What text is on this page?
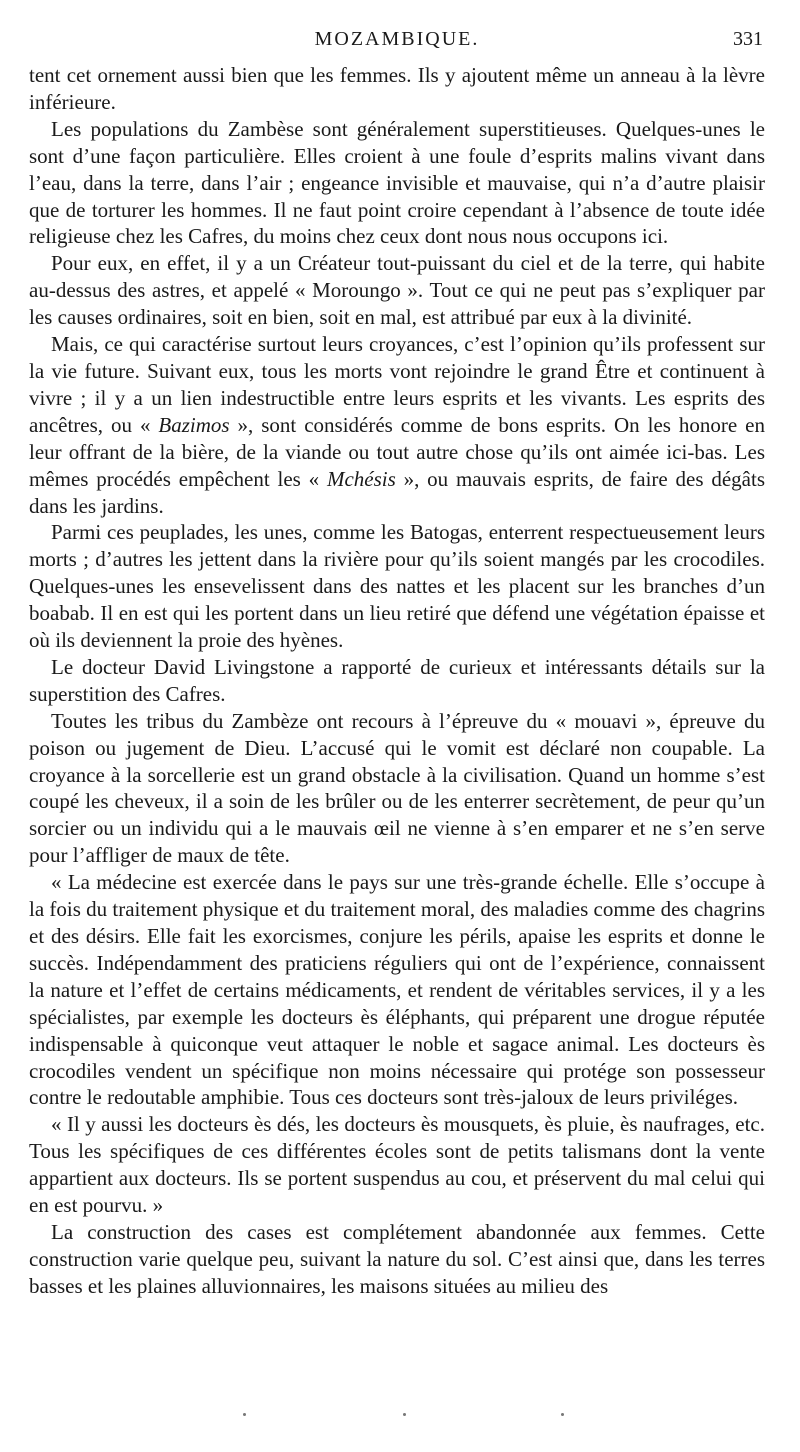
MOZAMBIQUE.	331

tent cet ornement aussi bien que les femmes. Ils y ajoutent même un anneau à la lèvre inférieure.

Les populations du Zambèse sont généralement superstitieuses. Quelques-unes le sont d’une façon particulière. Elles croient à une foule d’esprits malins vivant dans l’eau, dans la terre, dans l’air ; engeance invisible et mauvaise, qui n’a d’autre plaisir que de torturer les hommes. Il ne faut point croire cependant à l’absence de toute idée religieuse chez les Cafres, du moins chez ceux dont nous nous occupons ici.

Pour eux, en effet, il y a un Créateur tout-puissant du ciel et de la terre, qui habite au-dessus des astres, et appelé « Moroungo ». Tout ce qui ne peut pas s’expliquer par les causes ordinaires, soit en bien, soit en mal, est attribué par eux à la divinité.

Mais, ce qui caractérise surtout leurs croyances, c’est l’opinion qu’ils professent sur la vie future. Suivant eux, tous les morts vont rejoindre le grand Être et continuent à vivre ; il y a un lien indestructible entre leurs esprits et les vivants. Les esprits des ancêtres, ou « Bazimos », sont considérés comme de bons esprits. On les honore en leur offrant de la bière, de la viande ou tout autre chose qu’ils ont aimée ici-bas. Les mêmes procédés empêchent les « Mchésis », ou mauvais esprits, de faire des dégâts dans les jardins.

Parmi ces peuplades, les unes, comme les Batogas, enterrent respectueusement leurs morts ; d’autres les jettent dans la rivière pour qu’ils soient mangés par les crocodiles. Quelques-unes les ensevelissent dans des nattes et les placent sur les branches d’un boabab. Il en est qui les portent dans un lieu retiré que défend une végétation épaisse et où ils deviennent la proie des hyènes.

Le docteur David Livingstone a rapporté de curieux et intéressants détails sur la superstition des Cafres.

Toutes les tribus du Zambèze ont recours à l’épreuve du « mouavi », épreuve du poison ou jugement de Dieu. L’accusé qui le vomit est déclaré non coupable. La croyance à la sorcellerie est un grand obstacle à la civilisation. Quand un homme s’est coupé les cheveux, il a soin de les brûler ou de les enterrer secrètement, de peur qu’un sorcier ou un individu qui a le mauvais œil ne vienne à s’en emparer et ne s’en serve pour l’affliger de maux de tête.

« La médecine est exercée dans le pays sur une très-grande échelle. Elle s’occupe à la fois du traitement physique et du traitement moral, des maladies comme des chagrins et des désirs. Elle fait les exorcismes, conjure les périls, apaise les esprits et donne le succès. Indépendamment des praticiens réguliers qui ont de l’expérience, connaissent la nature et l’effet de certains médicaments, et rendent de véritables services, il y a les spécialistes, par exemple les docteurs ès éléphants, qui préparent une drogue réputée indispensable à quiconque veut attaquer le noble et sagace animal. Les docteurs ès crocodiles vendent un spécifique non moins nécessaire qui protége son possesseur contre le redoutable amphibie. Tous ces docteurs sont très-jaloux de leurs priviléges.

« Il y aussi les docteurs ès dés, les docteurs ès mousquets, ès pluie, ès naufrages, etc. Tous les spécifiques de ces différentes écoles sont de petits talismans dont la vente appartient aux docteurs. Ils se portent suspendus au cou, et préservent du mal celui qui en est pourvu. »

La construction des cases est complétement abandonnée aux femmes. Cette construction varie quelque peu, suivant la nature du sol. C’est ainsi que, dans les terres basses et les plaines alluvionnaires, les maisons situées au milieu des
